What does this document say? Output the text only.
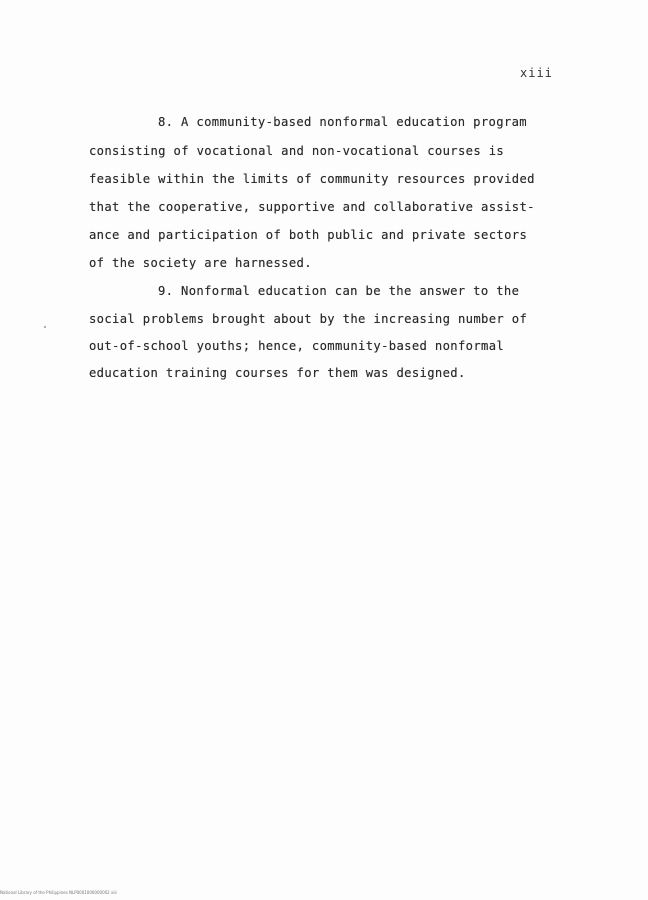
xiii
8. A community-based nonformal education program
consisting of vocational and non-vocational courses is
feasible within the limits of community resources provided
that the cooperative, supportive and collaborative assist-
ance and participation of both public and private sectors
of the society are harnessed.
9. Nonformal education can be the answer to the
social problems brought about by the increasing number of
out-of-school youths; hence, community-based nonformal
education training courses for them was designed.
National Library of the Philippines NLP0001000000002 xiii
